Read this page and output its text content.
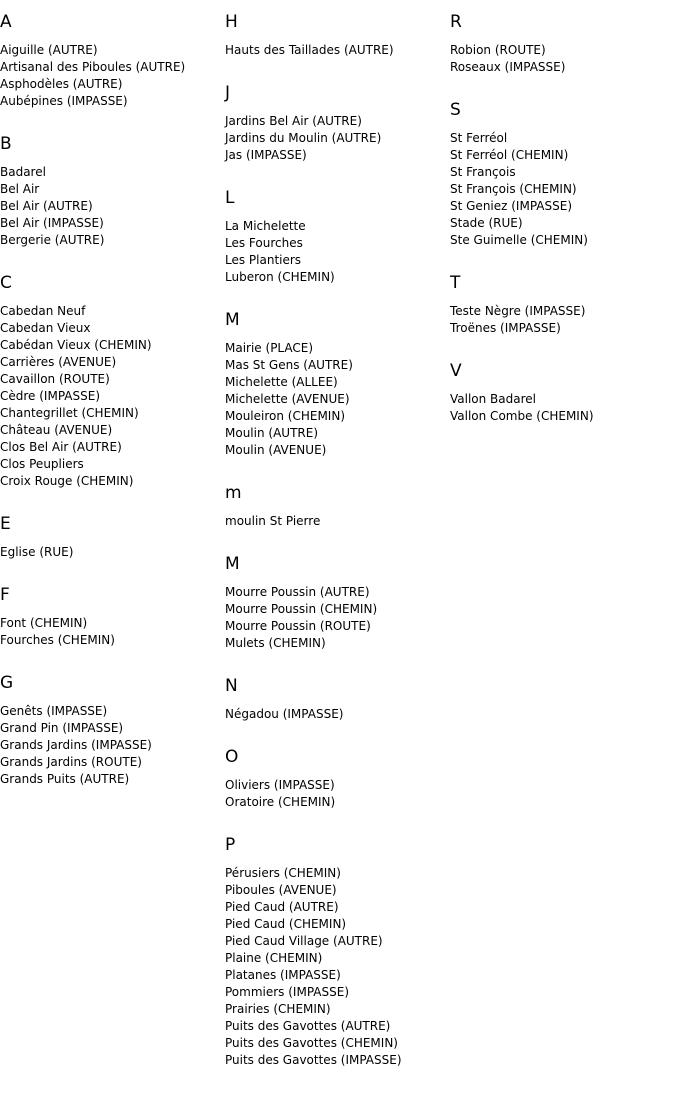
A
Aiguille (AUTRE)
Artisanal des Piboules (AUTRE)
Asphodèles (AUTRE)
Aubépines (IMPASSE)
B
Badarel
Bel Air
Bel Air (AUTRE)
Bel Air (IMPASSE)
Bergerie (AUTRE)
C
Cabedan Neuf
Cabedan Vieux
Cabédan Vieux (CHEMIN)
Carrières (AVENUE)
Cavaillon (ROUTE)
Cèdre (IMPASSE)
Chantegrillet (CHEMIN)
Château (AVENUE)
Clos Bel Air (AUTRE)
Clos Peupliers
Croix Rouge (CHEMIN)
E
Eglise (RUE)
F
Font (CHEMIN)
Fourches (CHEMIN)
G
Genêts (IMPASSE)
Grand Pin (IMPASSE)
Grands Jardins (IMPASSE)
Grands Jardins (ROUTE)
Grands Puits (AUTRE)
H
Hauts des Taillades (AUTRE)
J
Jardins Bel Air (AUTRE)
Jardins du Moulin (AUTRE)
Jas (IMPASSE)
L
La Michelette
Les Fourches
Les Plantiers
Luberon (CHEMIN)
M
Mairie (PLACE)
Mas St Gens (AUTRE)
Michelette (ALLEE)
Michelette (AVENUE)
Mouleiron (CHEMIN)
Moulin (AUTRE)
Moulin (AVENUE)
m
moulin St Pierre
M
Mourre Poussin (AUTRE)
Mourre Poussin (CHEMIN)
Mourre Poussin (ROUTE)
Mulets (CHEMIN)
N
Négadou (IMPASSE)
O
Oliviers (IMPASSE)
Oratoire (CHEMIN)
P
Pérusiers (CHEMIN)
Piboules (AVENUE)
Pied Caud (AUTRE)
Pied Caud (CHEMIN)
Pied Caud Village (AUTRE)
Plaine (CHEMIN)
Platanes (IMPASSE)
Pommiers (IMPASSE)
Prairies (CHEMIN)
Puits des Gavottes (AUTRE)
Puits des Gavottes (CHEMIN)
Puits des Gavottes (IMPASSE)
R
Robion (ROUTE)
Roseaux (IMPASSE)
S
St Ferréol
St Ferréol (CHEMIN)
St François
St François (CHEMIN)
St Geniez (IMPASSE)
Stade (RUE)
Ste Guimelle (CHEMIN)
T
Teste Nègre (IMPASSE)
Troënes (IMPASSE)
V
Vallon Badarel
Vallon Combe (CHEMIN)
